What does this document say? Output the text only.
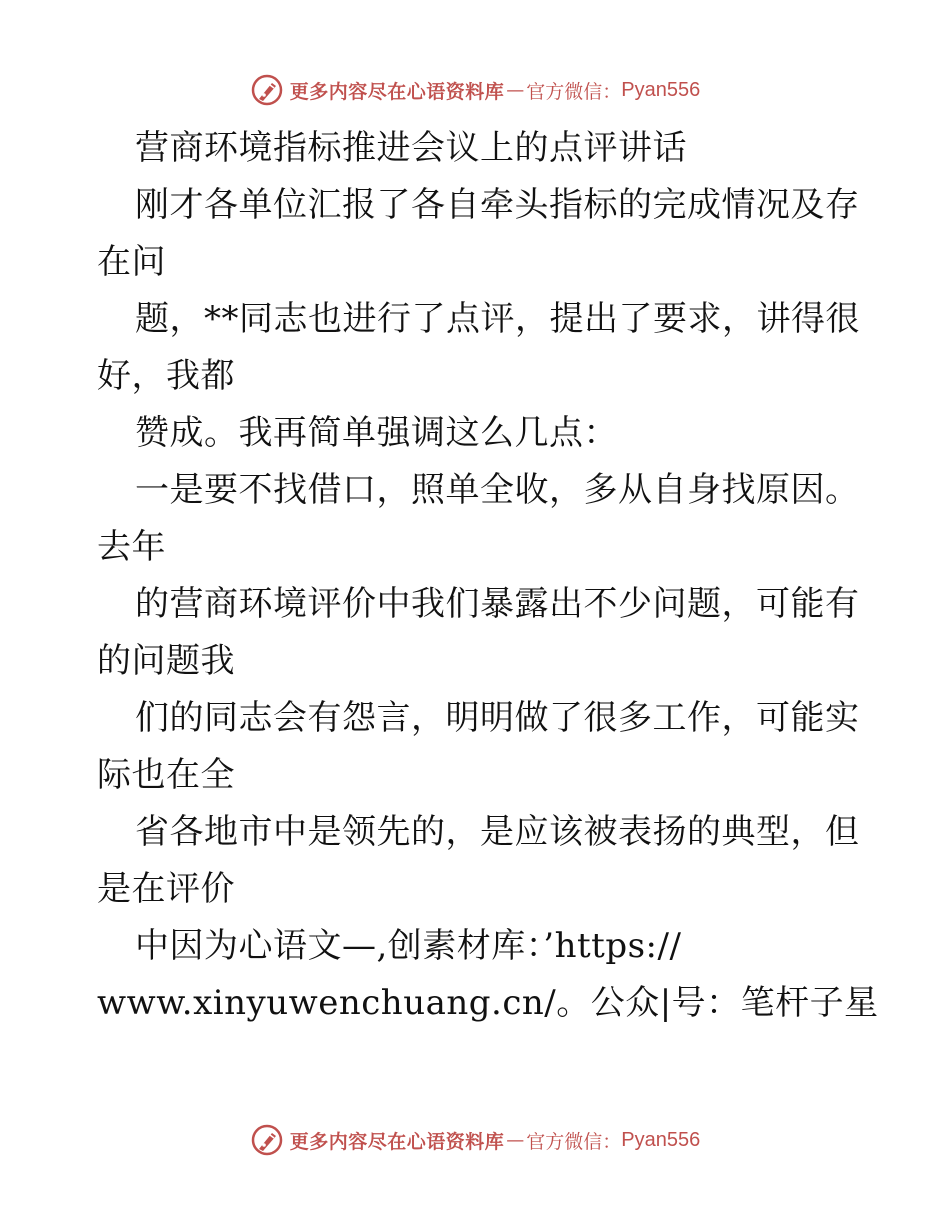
更多内容尽在心语资料库 — 官方微信： Pyan556
营商环境指标推进会议上的点评讲话
刚才各单位汇报了各自牵头指标的完成情况及存
在问
题，**同志也进行了点评，提出了要求，讲得很
好，我都
赞成。我再简单强调这么几点：
一是要不找借口，照单全收，多从自身找原因。
去年
的营商环境评价中我们暴露出不少问题，可能有
的问题我
们的同志会有怨言，明明做了很多工作，可能实
际也在全
省各地市中是领先的，是应该被表扬的典型，但
是在评价
中因为心语文—,创素材库：’https://
www.xinyuwenchuang.cn/。公众|号：笔杆子星
更多内容尽在心语资料库 — 官方微信： Pyan556
